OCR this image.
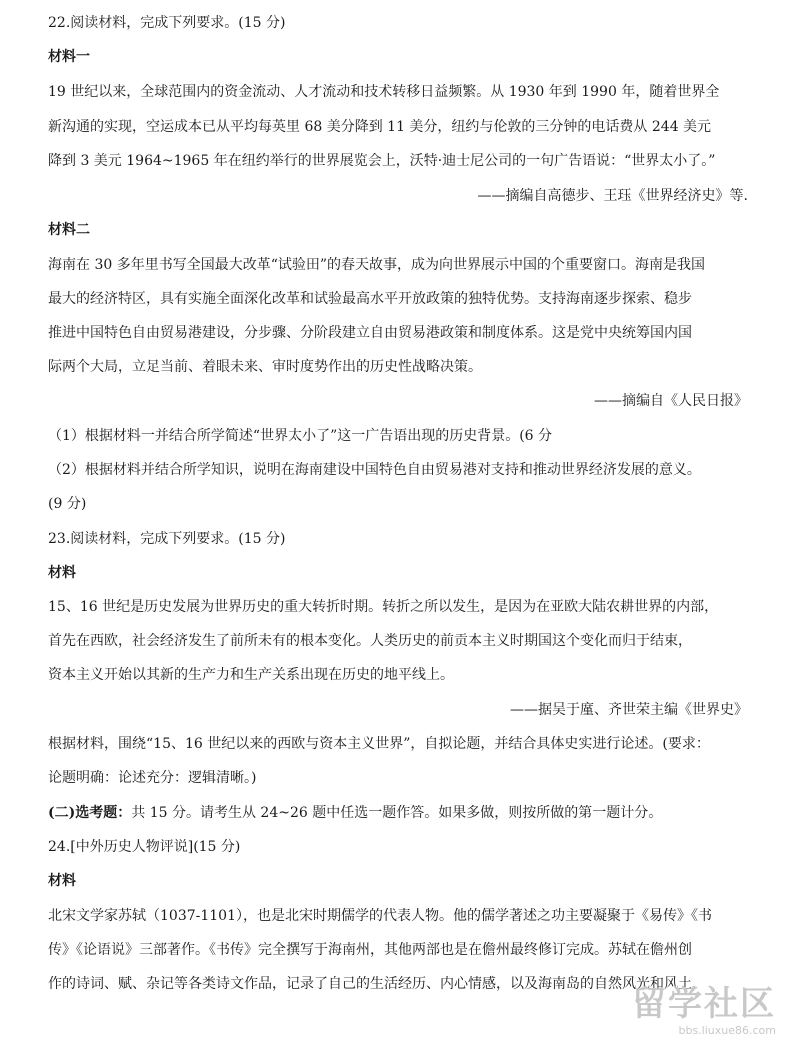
22.阅读材料，完成下列要求。(15 分)
材料一
19 世纪以来，全球范围内的资金流动、人才流动和技术转移日益频繁。从 1930 年到 1990 年，随着世界全
新沟通的实现，空运成本已从平均每英里 68 美分降到 11 美分，纽约与伦敦的三分钟的电话费从 244 美元
降到 3 美元 1964~1965 年在纽约举行的世界展览会上，沃特·迪士尼公司的一句广告语说：“世界太小了。”
——摘编自高德步、王珏《世界经济史》等.
材料二
海南在 30 多年里书写全国最大改革“试验田”的春天故事，成为向世界展示中国的个重要窗口。海南是我国
最大的经济特区，具有实施全面深化改革和试验最高水平开放政策的独特优势。支持海南逐步探索、稳步
推进中国特色自由贸易港建设，分步骤、分阶段建立自由贸易港政策和制度体系。这是党中央统筹国内国
际两个大局，立足当前、着眼未来、审时度势作出的历史性战略决策。
——摘编自《人民日报》
（1）根据材料一并结合所学简述“世界太小了”这一广告语出现的历史背景。(6 分
（2）根据材料并结合所学知识，说明在海南建设中国特色自由贸易港对支持和推动世界经济发展的意义。
(9 分)
23.阅读材料，完成下列要求。(15 分)
材料
15、16 世纪是历史发展为世界历史的重大转折时期。转折之所以发生，是因为在亚欧大陆农耕世界的内部，
首先在西欧，社会经济发生了前所未有的根本变化。人类历史的前贡本主义时期国这个变化而归于结束，
资本主义开始以其新的生产力和生产关系出现在历史的地平线上。
——据吴于廑、齐世荣主编《世界史》
根据材料，围绕“15、16 世纪以来的西欧与资本主义世界”，自拟论题，并结合具体史实进行论述。(要求：
论题明确：论述充分：逻辑清晰。)
(二)选考题：共 15 分。请考生从 24~26 题中任选一题作答。如果多做，则按所做的第一题计分。
24.[中外历史人物评说](15 分)
材料
北宋文学家苏轼（1037-1101），也是北宋时期儒学的代表人物。他的儒学著述之功主要凝聚于《易传》《书
传》《论语说》三部著作。《书传》完全撰写于海南州，其他两部也是在儋州最终修订完成。苏轼在儋州创
作的诗词、赋、杂记等各类诗文作品，记录了自己的生活经历、内心情感，以及海南岛的自然风光和风土
留学社区
bbs.liuxue86.com
